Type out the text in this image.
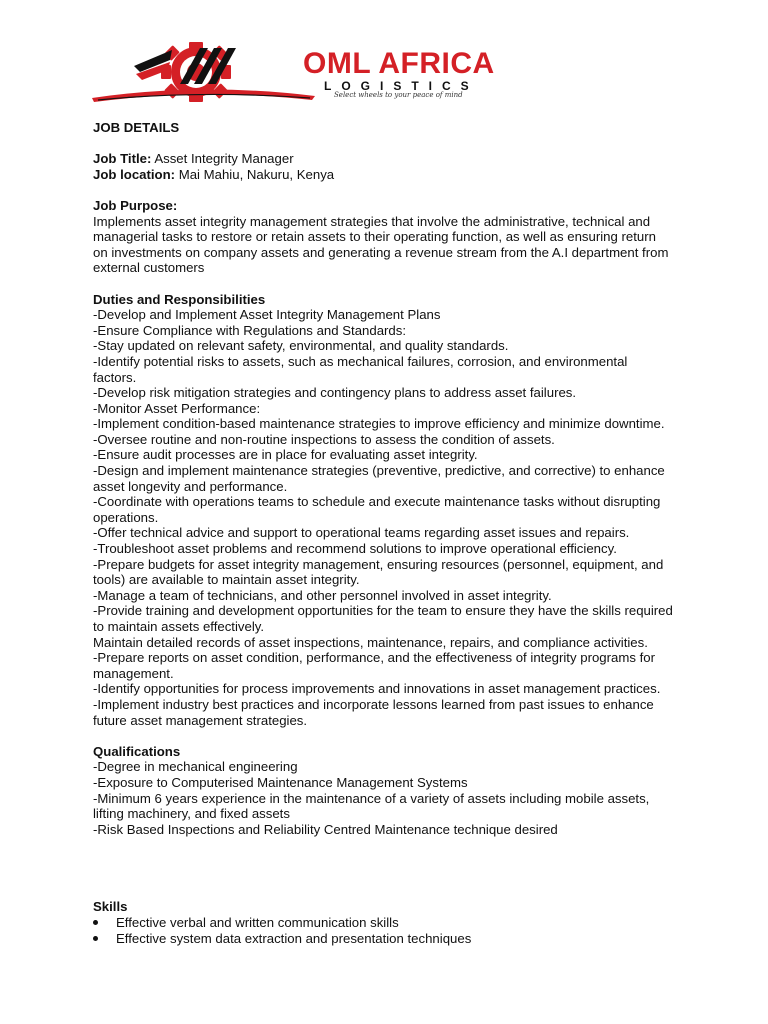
OML AFRICA
LOGISTICS
Select wheels to your peace of mind

JOB DETAILS

Job Title: Asset Integrity Manager

Job location: Mai Mahiu, Nakuru, Kenya

Job Purpose:

Implements asset integrity management strategies that involve the administrative, technical and managerial tasks to restore or retain assets to their operating function, as well as ensuring return on investments on company assets and generating a revenue stream from the A.I department from external customers

Duties and Responsibilities

-Develop and Implement Asset Integrity Management Plans

-Ensure Compliance with Regulations and Standards:

-Stay updated on relevant safety, environmental, and quality standards.

-Identify potential risks to assets, such as mechanical failures, corrosion, and environmental factors.

-Develop risk mitigation strategies and contingency plans to address asset failures.

-Monitor Asset Performance:

-Implement condition-based maintenance strategies to improve efficiency and minimize downtime.

-Oversee routine and non-routine inspections to assess the condition of assets.

-Ensure audit processes are in place for evaluating asset integrity.

-Design and implement maintenance strategies (preventive, predictive, and corrective) to enhance asset longevity and performance.

-Coordinate with operations teams to schedule and execute maintenance tasks without disrupting operations.

-Offer technical advice and support to operational teams regarding asset issues and repairs.

-Troubleshoot asset problems and recommend solutions to improve operational efficiency.

-Prepare budgets for asset integrity management, ensuring resources (personnel, equipment, and tools) are available to maintain asset integrity.

-Manage a team of technicians, and other personnel involved in asset integrity.

-Provide training and development opportunities for the team to ensure they have the skills required to maintain assets effectively.

Maintain detailed records of asset inspections, maintenance, repairs, and compliance activities.

-Prepare reports on asset condition, performance, and the effectiveness of integrity programs for management.

-Identify opportunities for process improvements and innovations in asset management practices.

-Implement industry best practices and incorporate lessons learned from past issues to enhance future asset management strategies.

Qualifications

-Degree in mechanical engineering

-Exposure to Computerised Maintenance Management Systems

-Minimum 6 years experience in the maintenance of a variety of assets including mobile assets, lifting machinery, and fixed assets

-Risk Based Inspections and Reliability Centred Maintenance technique desired

Skills

Effective verbal and written communication skills
Effective system data extraction and presentation techniques
